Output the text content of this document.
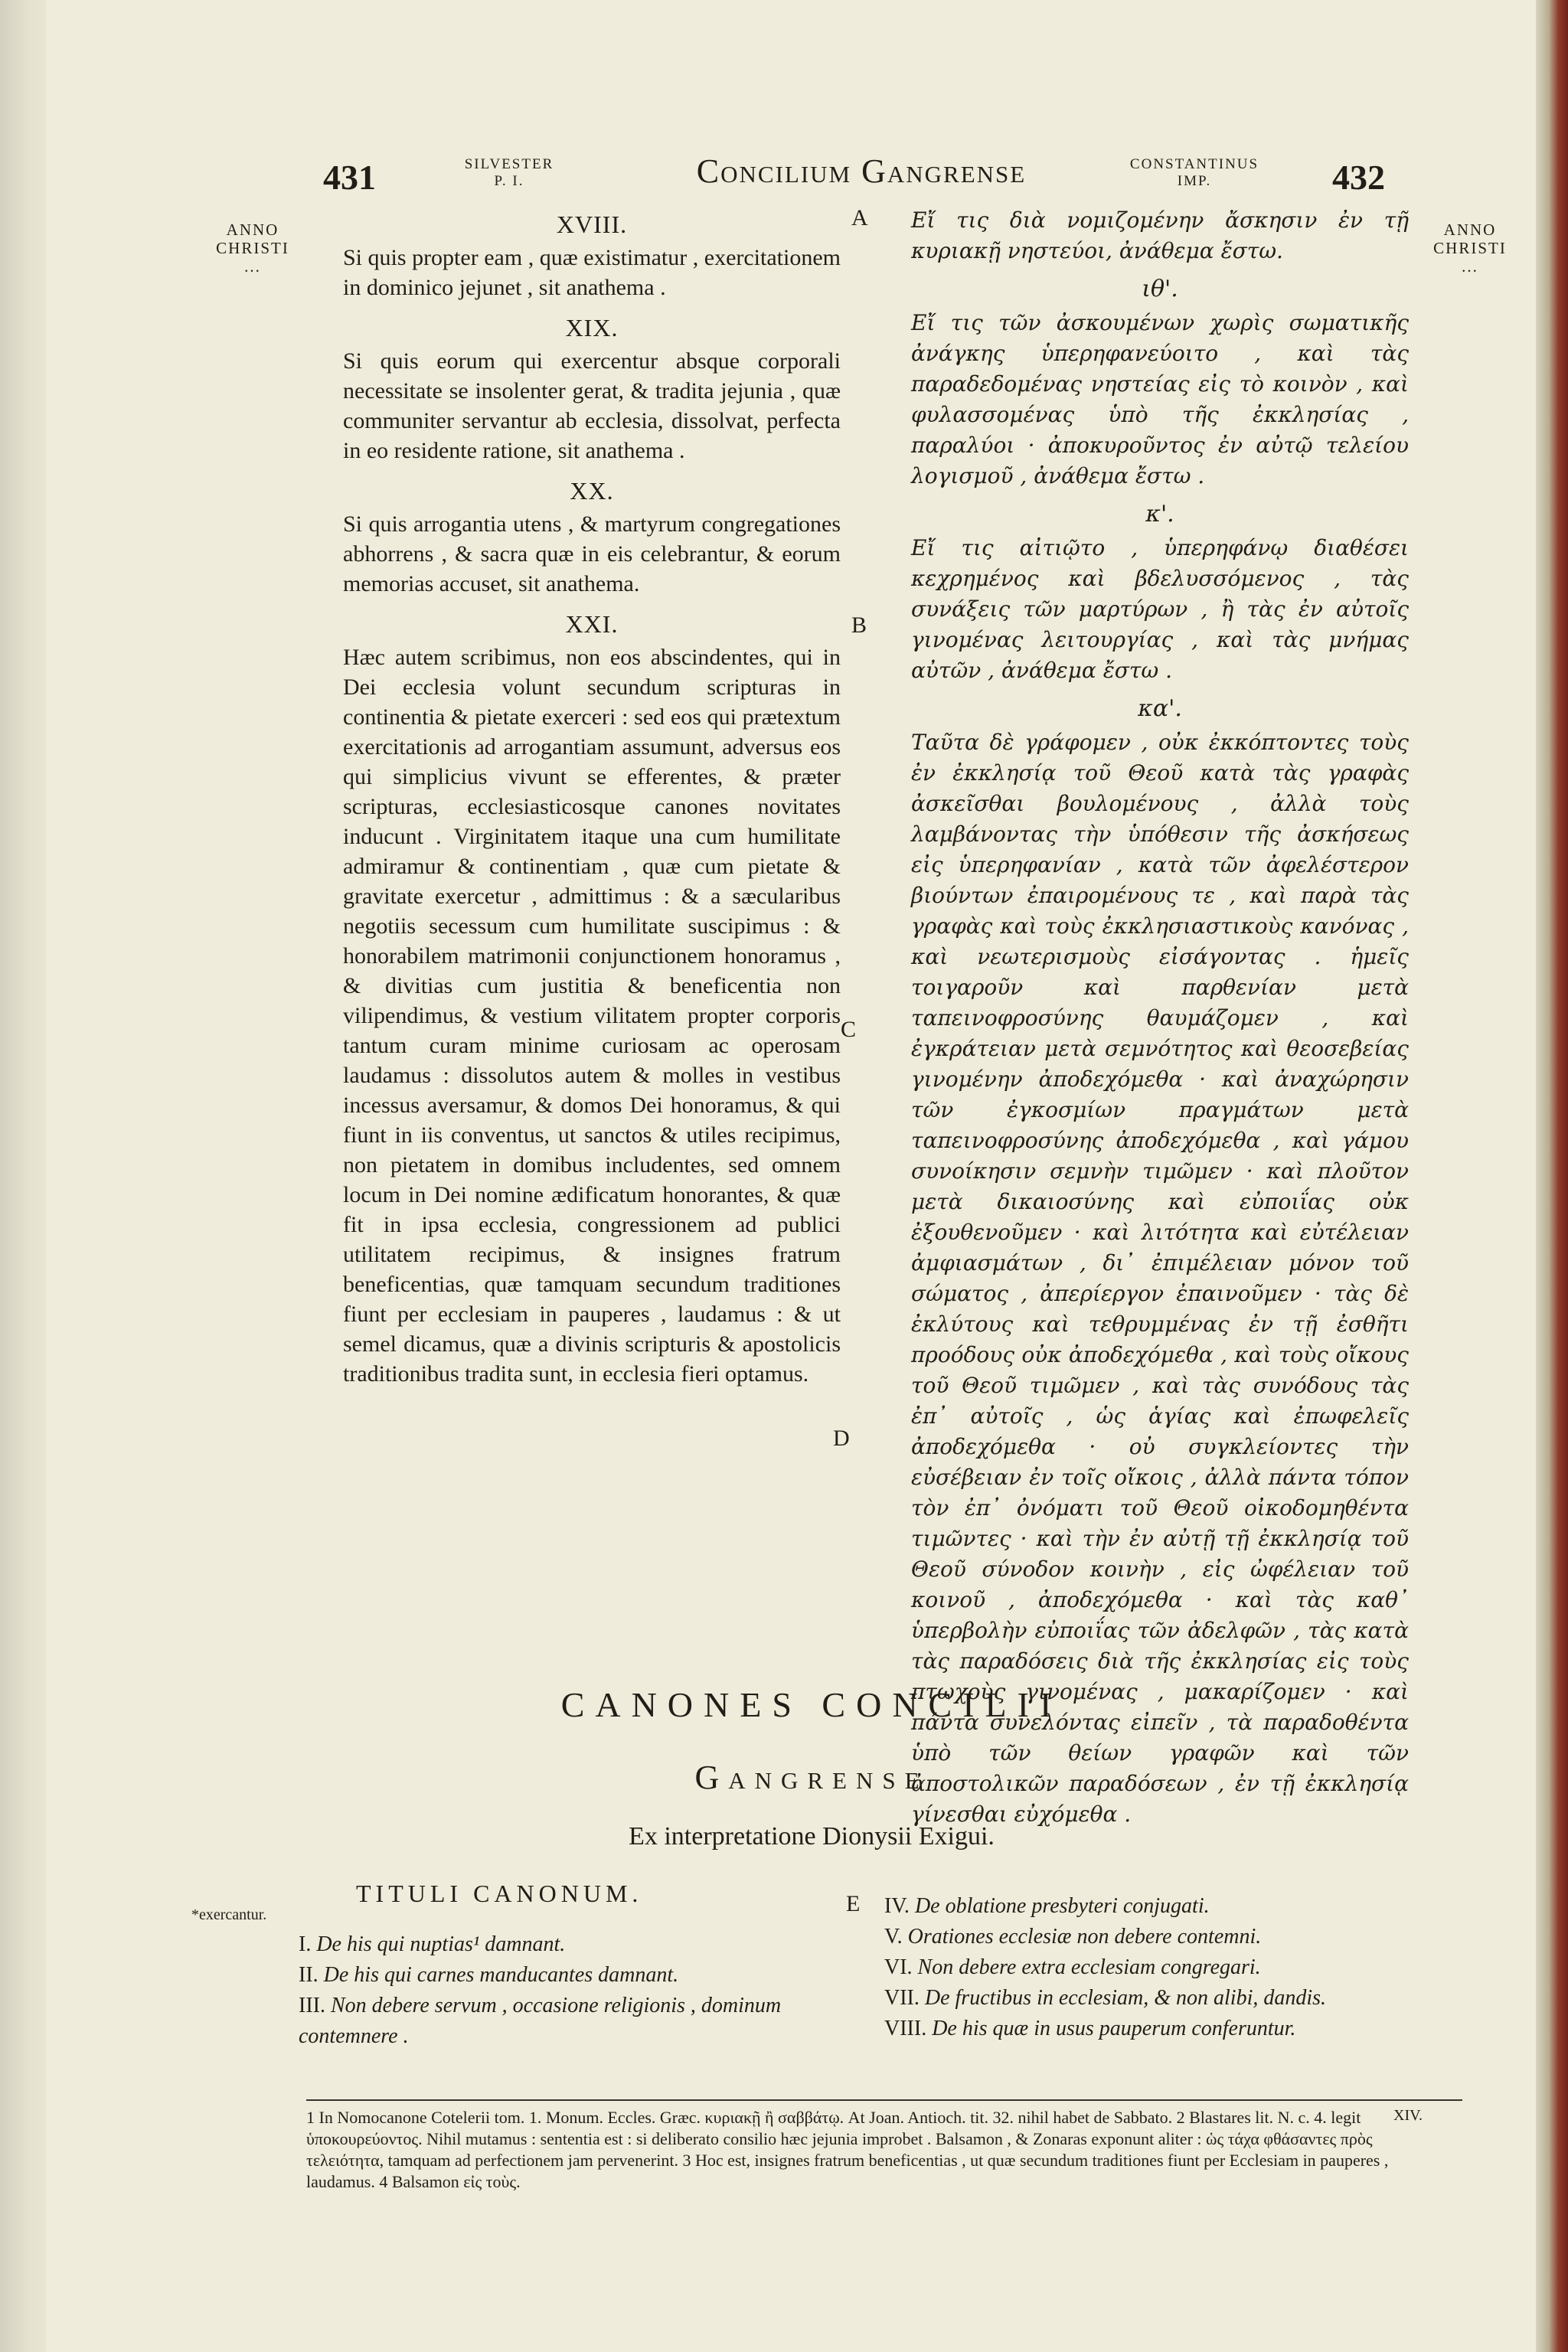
431	SILVESTER
P. I.	Concilium Gangrense	CONSTANTINUS
IMP.	432
ANNO
CHRISTI
...
ANNO
CHRISTI
...
*exercantur.
A
B
C
D
E
XVIII.

Si quis propter eam , quæ existimatur , exercitationem in dominico jejunet , sit anathema .

XIX.

Si quis eorum qui exercentur absque corporali necessitate se insolenter gerat, & tradita jejunia , quæ communiter servantur ab ecclesia, dissolvat, perfecta in eo residente ratione, sit anathema .

XX.

Si quis arrogantia utens , & martyrum congregationes abhorrens , & sacra quæ in eis celebrantur, & eorum memorias accuset, sit anathema.

XXI.

Hæc autem scribimus, non eos abscindentes, qui in Dei ecclesia volunt secundum scripturas in continentia & pietate exerceri : sed eos qui prætextum exercitationis ad arrogantiam assumunt, adversus eos qui simplicius vivunt se efferentes, & præter scripturas, ecclesiasticosque canones novitates inducunt . Virginitatem itaque una cum humilitate admiramur & continentiam , quæ cum pietate & gravitate exercetur , admittimus : & a sæcularibus negotiis secessum cum humilitate suscipimus : & honorabilem matrimonii conjunctionem honoramus , & divitias cum justitia & beneficentia non vilipendimus, & vestium vilitatem propter corporis tantum curam minime curiosam ac operosam laudamus : dissolutos autem & molles in vestibus incessus aversamur, & domos Dei honoramus, & qui fiunt in iis conventus, ut sanctos & utiles recipimus, non pietatem in domibus includentes, sed omnem locum in Dei nomine ædificatum honorantes, & quæ fit in ipsa ecclesia, congressionem ad publici utilitatem recipimus, & insignes fratrum beneficentias, quæ tamquam secundum traditiones fiunt per ecclesiam in pauperes , laudamus : & ut semel dicamus, quæ a divinis scripturis & apostolicis traditionibus tradita sunt, in ecclesia fieri optamus.

Εἴ τις διὰ νομιζομένην ἄσκησιν ἐν τῇ κυριακῇ νηστεύοι, ἀνάθεμα ἔστω.

ιθ'.

Εἴ τις τῶν ἀσκουμένων χωρὶς σωματικῆς ἀνάγκης ὑπερηφανεύοιτο , καὶ τὰς παραδεδομένας νηστείας εἰς τὸ κοινὸν , καὶ φυλασσομένας ὑπὸ τῆς ἐκκλησίας , παραλύοι · ἀποκυροῦντος ἐν αὐτῷ τελείου λογισμοῦ , ἀνάθεμα ἔστω .

κ'.

Εἴ τις αἰτιῷτο , ὑπερηφάνῳ διαθέσει κεχρημένος καὶ βδελυσσόμενος , τὰς συνάξεις τῶν μαρτύρων , ἢ τὰς ἐν αὐτοῖς γινομένας λειτουργίας , καὶ τὰς μνήμας αὐτῶν , ἀνάθεμα ἔστω .

κα'.

Ταῦτα δὲ γράφομεν , οὐκ ἐκκόπτοντες τοὺς ἐν ἐκκλησίᾳ τοῦ Θεοῦ κατὰ τὰς γραφὰς ἀσκεῖσθαι βουλομένους , ἀλλὰ τοὺς λαμβάνοντας τὴν ὑπόθεσιν τῆς ἀσκήσεως εἰς ὑπερηφανίαν , κατὰ τῶν ἀφελέστερον βιούντων ἐπαιρομένους τε , καὶ παρὰ τὰς γραφὰς καὶ τοὺς ἐκκλησιαστικοὺς κανόνας , καὶ νεωτερισμοὺς εἰσάγοντας . ἡμεῖς τοιγαροῦν καὶ παρθενίαν μετὰ ταπεινοφροσύνης θαυμάζομεν , καὶ ἐγκράτειαν μετὰ σεμνότητος καὶ θεοσεβείας γινομένην ἀποδεχόμεθα · καὶ ἀναχώρησιν τῶν ἐγκοσμίων πραγμάτων μετὰ ταπεινοφροσύνης ἀποδεχόμεθα , καὶ γάμου συνοίκησιν σεμνὴν τιμῶμεν · καὶ πλοῦτον μετὰ δικαιοσύνης καὶ εὐποιΐας οὐκ ἐξουθενοῦμεν · καὶ λιτότητα καὶ εὐτέλειαν ἀμφιασμάτων , δι᾽ ἐπιμέλειαν μόνον τοῦ σώματος , ἀπερίεργον ἐπαινοῦμεν · τὰς δὲ ἐκλύτους καὶ τεθρυμμένας ἐν τῇ ἐσθῆτι προόδους οὐκ ἀποδεχόμεθα , καὶ τοὺς οἴκους τοῦ Θεοῦ τιμῶμεν , καὶ τὰς συνόδους τὰς ἐπ᾽ αὐτοῖς , ὡς ἁγίας καὶ ἐπωφελεῖς ἀποδεχόμεθα · οὐ συγκλείοντες τὴν εὐσέβειαν ἐν τοῖς οἴκοις , ἀλλὰ πάντα τόπον τὸν ἐπ᾽ ὀνόματι τοῦ Θεοῦ οἰκοδομηθέντα τιμῶντες · καὶ τὴν ἐν αὐτῇ τῇ ἐκκλησίᾳ τοῦ Θεοῦ σύνοδον κοινὴν , εἰς ὠφέλειαν τοῦ κοινοῦ , ἀποδεχόμεθα · καὶ τὰς καθ᾽ ὑπερβολὴν εὐποιΐας τῶν ἀδελφῶν , τὰς κατὰ τὰς παραδόσεις διὰ τῆς ἐκκλησίας εἰς τοὺς πτωχοὺς γινομένας , μακαρίζομεν · καὶ πάντα συνελόντας εἰπεῖν , τὰ παραδοθέντα ὑπὸ τῶν θείων γραφῶν καὶ τῶν ἀποστολικῶν παραδόσεων , ἐν τῇ ἐκκλησίᾳ γίνεσθαι εὐχόμεθα .

CANONES CONCILII
Gangrense
Ex interpretatione Dionysii Exigui.
TITULI CANONUM.
I. De his qui nuptias¹ damnant.
II. De his qui carnes manducantes damnant.
III. Non debere servum , occasione religionis , dominum contemnere .
IV. De oblatione presbyteri conjugati.
V. Orationes ecclesiæ non debere contemni.
VI. Non debere extra ecclesiam congregari.
VII. De fructibus in ecclesiam, & non alibi, dandis.
VIII. De his quæ in usus pauperum conferuntur.
XIV.

1 In Nomocanone Cotelerii tom. 1. Monum. Eccles. Græc. κυριακῇ ἢ σαββάτῳ. At Joan. Antioch. tit. 32. nihil habet de Sabbato. 2 Blastares lit. N. c. 4. legit ὑποκουρεύοντος. Nihil mutamus : sententia est : si deliberato consilio hæc jejunia improbet . Balsamon , & Zonaras exponunt aliter : ὡς τάχα φθάσαντες πρὸς τελειότητα, tamquam ad perfectionem jam pervenerint. 3 Hoc est, insignes fratrum beneficentias , ut quæ secundum traditiones fiunt per Ecclesiam in pauperes , laudamus. 4 Balsamon εἰς τοὺς.
